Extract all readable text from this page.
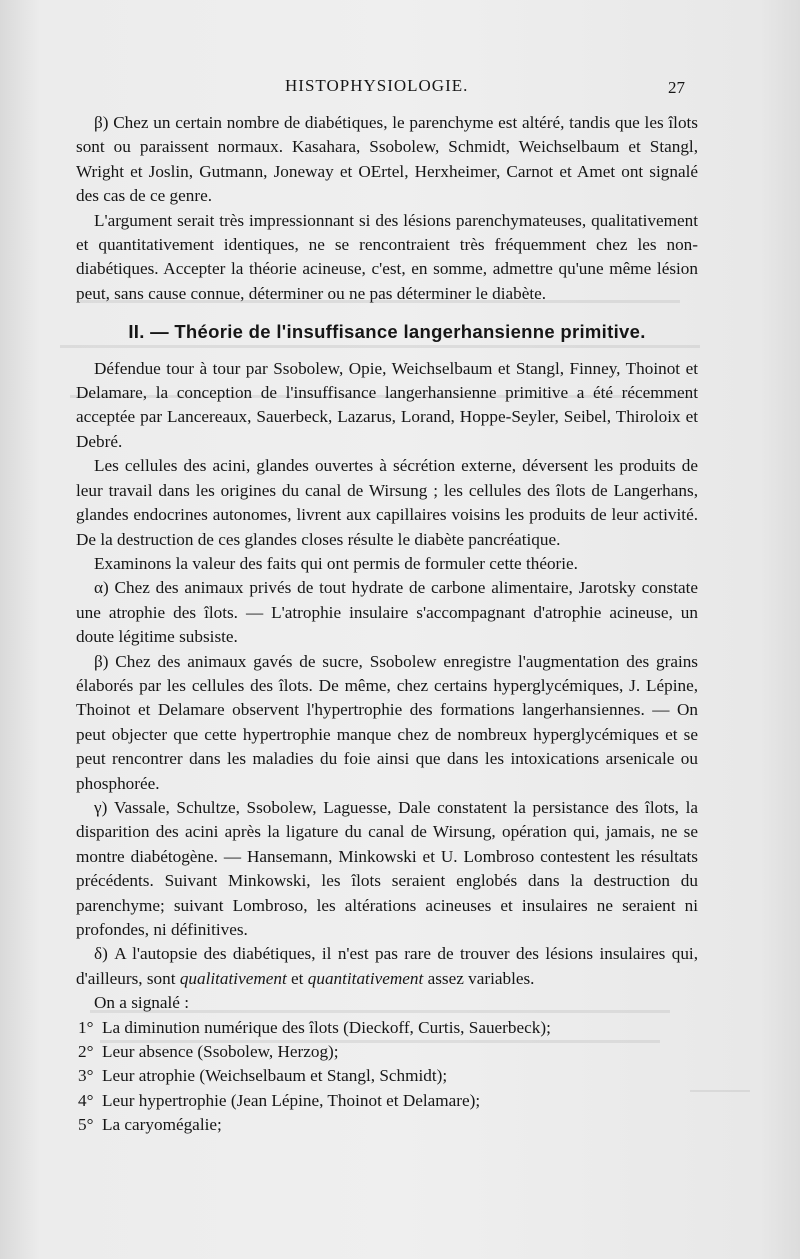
HISTOPHYSIOLOGIE.	27

β) Chez un certain nombre de diabétiques, le parenchyme est altéré, tandis que les îlots sont ou paraissent normaux. Kasahara, Ssobolew, Schmidt, Weichselbaum et Stangl, Wright et Joslin, Gutmann, Joneway et OErtel, Herxheimer, Carnot et Amet ont signalé des cas de ce genre.

L'argument serait très impressionnant si des lésions parenchymateuses, qualitativement et quantitativement identiques, ne se rencontraient très fréquemment chez les non-diabétiques. Accepter la théorie acineuse, c'est, en somme, admettre qu'une même lésion peut, sans cause connue, déterminer ou ne pas déterminer le diabète.

II. — Théorie de l'insuffisance langerhansienne primitive.

Défendue tour à tour par Ssobolew, Opie, Weichselbaum et Stangl, Finney, Thoinot et Delamare, la conception de l'insuffisance langerhansienne primitive a été récemment acceptée par Lancereaux, Sauerbeck, Lazarus, Lorand, Hoppe-Seyler, Seibel, Thiroloix et Debré.

Les cellules des acini, glandes ouvertes à sécrétion externe, déversent les produits de leur travail dans les origines du canal de Wirsung ; les cellules des îlots de Langerhans, glandes endocrines autonomes, livrent aux capillaires voisins les produits de leur activité. De la destruction de ces glandes closes résulte le diabète pancréatique.

Examinons la valeur des faits qui ont permis de formuler cette théorie.

α) Chez des animaux privés de tout hydrate de carbone alimentaire, Jarotsky constate une atrophie des îlots. — L'atrophie insulaire s'accompagnant d'atrophie acineuse, un doute légitime subsiste.

β) Chez des animaux gavés de sucre, Ssobolew enregistre l'augmentation des grains élaborés par les cellules des îlots. De même, chez certains hyperglycémiques, J. Lépine, Thoinot et Delamare observent l'hypertrophie des formations langerhansiennes. — On peut objecter que cette hypertrophie manque chez de nombreux hyperglycémiques et se peut rencontrer dans les maladies du foie ainsi que dans les intoxications arsenicale ou phosphorée.

γ) Vassale, Schultze, Ssobolew, Laguesse, Dale constatent la persistance des îlots, la disparition des acini après la ligature du canal de Wirsung, opération qui, jamais, ne se montre diabétogène. — Hansemann, Minkowski et U. Lombroso contestent les résultats précédents. Suivant Minkowski, les îlots seraient englobés dans la destruction du parenchyme; suivant Lombroso, les altérations acineuses et insulaires ne seraient ni profondes, ni définitives.

δ) A l'autopsie des diabétiques, il n'est pas rare de trouver des lésions insulaires qui, d'ailleurs, sont qualitativement et quantitativement assez variables.

On a signalé :

1° La diminution numérique des îlots (Dieckoff, Curtis, Sauerbeck);
2° Leur absence (Ssobolew, Herzog);
3° Leur atrophie (Weichselbaum et Stangl, Schmidt);
4° Leur hypertrophie (Jean Lépine, Thoinot et Delamare);
5° La caryomégalie;
